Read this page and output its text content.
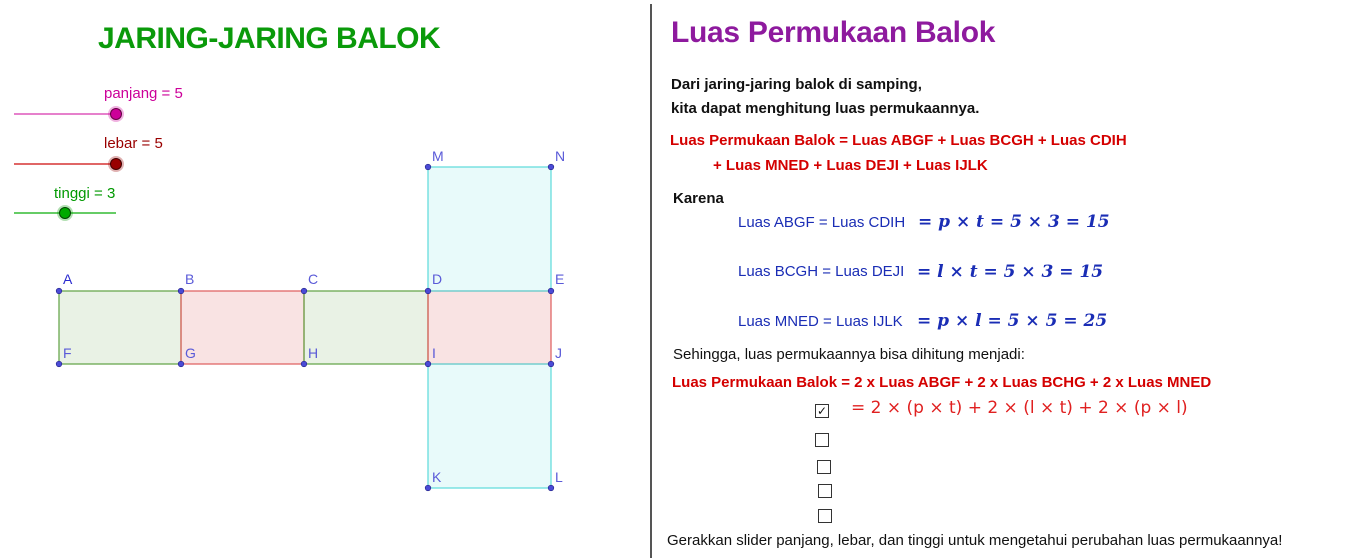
JARING-JARING BALOK
panjang = 5
lebar = 5
tinggi = 3
A	B	C	D	E
F	G	H	I	J
K	L
M	N
Luas Permukaan Balok
Dari jaring-jaring balok di samping,
kita dapat menghitung luas permukaannya.
Luas Permukaan Balok = Luas ABGF + Luas BCGH + Luas CDIH
+ Luas MNED + Luas DEJI + Luas IJLK
Karena
Luas ABGF = Luas CDIH = p × t = 5 × 3 = 15
Luas BCGH = Luas DEJI = l × t = 5 × 3 = 15
Luas MNED = Luas IJLK = p × l = 5 × 5 = 25
Sehingga, luas permukaannya bisa dihitung menjadi:
Luas Permukaan Balok = 2 x Luas ABGF + 2 x Luas BCHG + 2 x Luas MNED
✓ = 2 × (p × t) + 2 × (l × t) + 2 × (p × l)
Gerakkan slider panjang, lebar, dan tinggi untuk mengetahui perubahan luas permukaannya!
